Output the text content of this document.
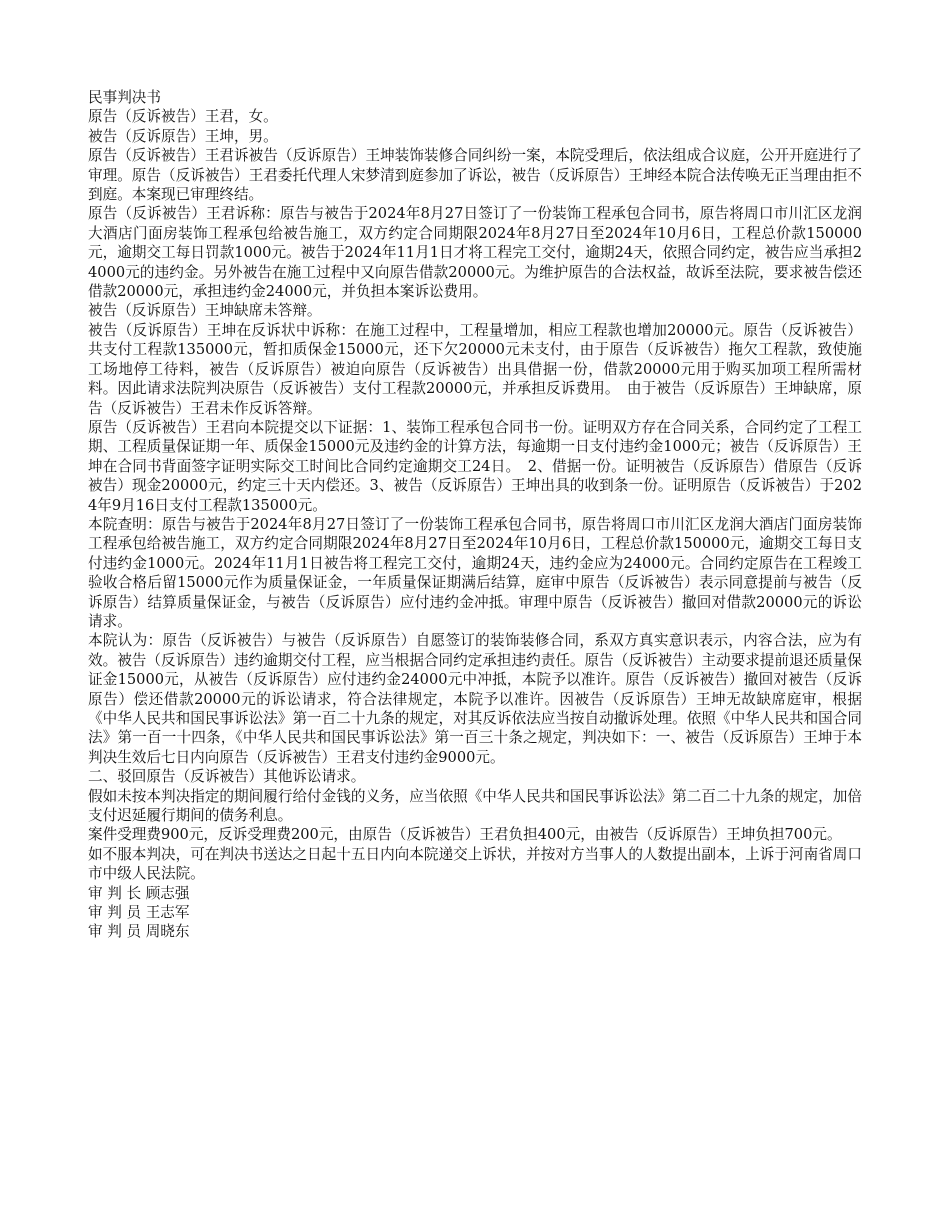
民事判决书

原告（反诉被告）王君，女。

被告（反诉原告）王坤，男。

原告（反诉被告）王君诉被告（反诉原告）王坤装饰装修合同纠纷一案，本院受理后，依法组成合议庭，公开开庭进行了审理。原告（反诉被告）王君委托代理人宋梦清到庭参加了诉讼，被告（反诉原告）王坤经本院合法传唤无正当理由拒不到庭。本案现已审理终结。

原告（反诉被告）王君诉称：原告与被告于2024年8月27日签订了一份装饰工程承包合同书，原告将周口市川汇区龙润大酒店门面房装饰工程承包给被告施工，双方约定合同期限2024年8月27日至2024年10月6日，工程总价款150000元，逾期交工每日罚款1000元。被告于2024年11月1日才将工程完工交付，逾期24天，依照合同约定，被告应当承担24000元的违约金。另外被告在施工过程中又向原告借款20000元。为维护原告的合法权益，故诉至法院，要求被告偿还借款20000元，承担违约金24000元，并负担本案诉讼费用。

被告（反诉原告）王坤缺席未答辩。

被告（反诉原告）王坤在反诉状中诉称：在施工过程中，工程量增加，相应工程款也增加20000元。原告（反诉被告）共支付工程款135000元，暂扣质保金15000元，还下欠20000元未支付，由于原告（反诉被告）拖欠工程款，致使施工场地停工待料，被告（反诉原告）被迫向原告（反诉被告）出具借据一份，借款20000元用于购买加项工程所需材料。因此请求法院判决原告（反诉被告）支付工程款20000元，并承担反诉费用。　由于被告（反诉原告）王坤缺席，原告（反诉被告）王君未作反诉答辩。

原告（反诉被告）王君向本院提交以下证据：1、装饰工程承包合同书一份。证明双方存在合同关系，合同约定了工程工期、工程质量保证期一年、质保金15000元及违约金的计算方法，每逾期一日支付违约金1000元；被告（反诉原告）王坤在合同书背面签字证明实际交工时间比合同约定逾期交工24日。　2、借据一份。证明被告（反诉原告）借原告（反诉被告）现金20000元，约定三十天内偿还。3、被告（反诉原告）王坤出具的收到条一份。证明原告（反诉被告）于2024年9月16日支付工程款135000元。

本院查明：原告与被告于2024年8月27日签订了一份装饰工程承包合同书，原告将周口市川汇区龙润大酒店门面房装饰工程承包给被告施工，双方约定合同期限2024年8月27日至2024年10月6日，工程总价款150000元，逾期交工每日支付违约金1000元。2024年11月1日被告将工程完工交付，逾期24天，违约金应为24000元。合同约定原告在工程竣工验收合格后留15000元作为质量保证金，一年质量保证期满后结算，庭审中原告（反诉被告）表示同意提前与被告（反诉原告）结算质量保证金，与被告（反诉原告）应付违约金冲抵。审理中原告（反诉被告）撤回对借款20000元的诉讼请求。

本院认为：原告（反诉被告）与被告（反诉原告）自愿签订的装饰装修合同，系双方真实意识表示，内容合法，应为有效。被告（反诉原告）违约逾期交付工程，应当根据合同约定承担违约责任。原告（反诉被告）主动要求提前退还质量保证金15000元，从被告（反诉原告）应付违约金24000元中冲抵，本院予以准许。原告（反诉被告）撤回对被告（反诉原告）偿还借款20000元的诉讼请求，符合法律规定，本院予以准许。因被告（反诉原告）王坤无故缺席庭审，根据《中华人民共和国民事诉讼法》第一百二十九条的规定，对其反诉依法应当按自动撤诉处理。依照《中华人民共和国合同法》第一百一十四条，《中华人民共和国民事诉讼法》第一百三十条之规定，判决如下：一、被告（反诉原告）王坤于本判决生效后七日内向原告（反诉被告）王君支付违约金9000元。

二、驳回原告（反诉被告）其他诉讼请求。

假如未按本判决指定的期间履行给付金钱的义务，应当依照《中华人民共和国民事诉讼法》第二百二十九条的规定，加倍支付迟延履行期间的债务利息。

案件受理费900元，反诉受理费200元，由原告（反诉被告）王君负担400元，由被告（反诉原告）王坤负担700元。

如不服本判决，可在判决书送达之日起十五日内向本院递交上诉状，并按对方当事人的人数提出副本，上诉于河南省周口市中级人民法院。

审 判 长 顾志强

审 判 员 王志军

审 判 员 周晓东
